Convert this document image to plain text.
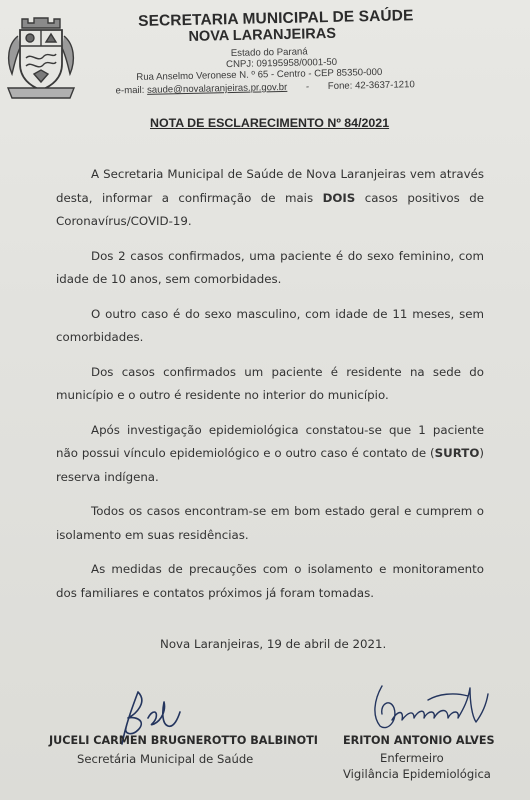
SECRETARIA MUNICIPAL DE SAÚDE
NOVA LARANJEIRAS
Estado do Paraná
CNPJ: 09195958/0001-50
Rua Anselmo Veronese N. º 65 - Centro - CEP 85350-000
e-mail: saude@novalaranjeiras.pr.gov.br - Fone: 42-3637-1210
NOTA DE ESCLARECIMENTO Nº 84/2021

A Secretaria Municipal de Saúde de Nova Laranjeiras vem através desta, informar a confirmação de mais DOIS casos positivos de Coronavírus/COVID-19.

Dos 2 casos confirmados, uma paciente é do sexo feminino, com idade de 10 anos, sem comorbidades.

O outro caso é do sexo masculino, com idade de 11 meses, sem comorbidades.

Dos casos confirmados um paciente é residente na sede do município e o outro é residente no interior do município.

Após investigação epidemiológica constatou-se que 1 paciente não possui vínculo epidemiológico e o outro caso é contato de (SURTO) reserva indígena.

Todos os casos encontram-se em bom estado geral e cumprem o isolamento em suas residências.

As medidas de precauções com o isolamento e monitoramento dos familiares e contatos próximos já foram tomadas.

Nova Laranjeiras, 19 de abril de 2021.
JUCELI CARMEN BRUGNEROTTO BALBINOTI
Secretária Municipal de Saúde
ERITON ANTONIO ALVES
Enfermeiro
Vigilância Epidemiológica
